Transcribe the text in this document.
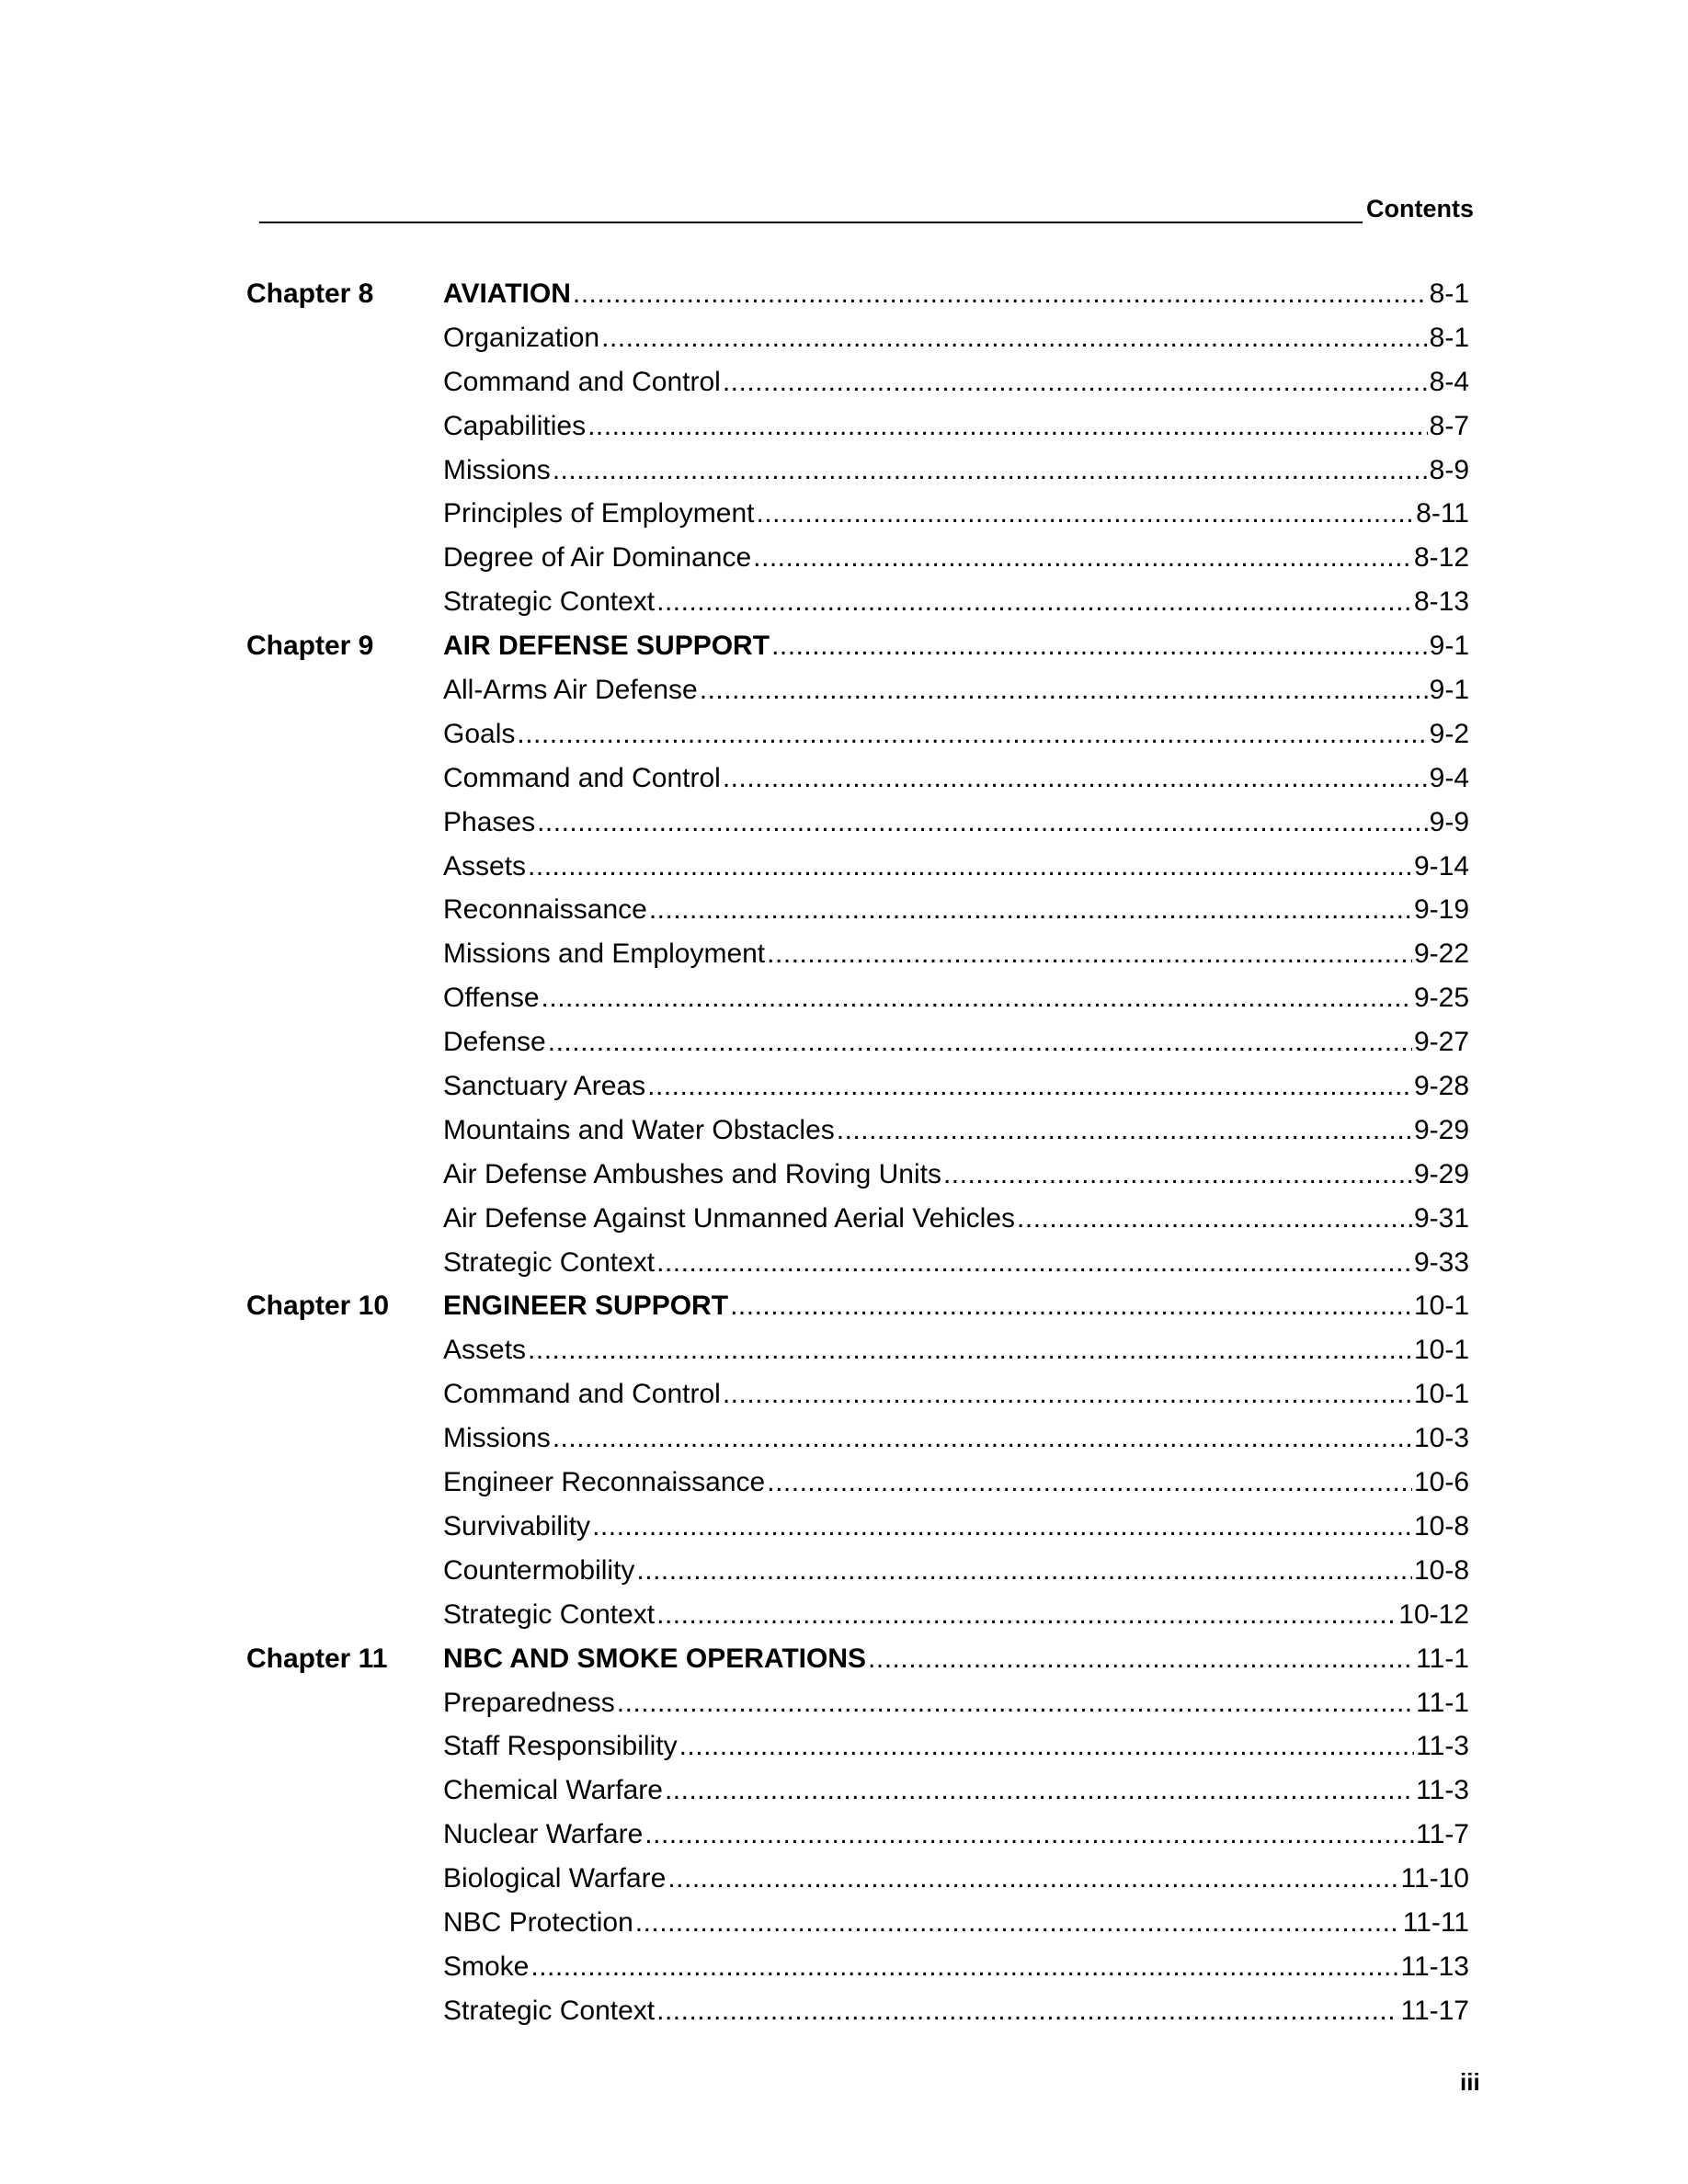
Contents
Chapter 8	AVIATION .....	8-1
Organization .....	8-1
Command and Control .....	8-4
Capabilities .....	8-7
Missions .....	8-9
Principles of Employment .....	8-11
Degree of Air Dominance .....	8-12
Strategic Context .....	8-13
Chapter 9	AIR DEFENSE SUPPORT .....	9-1
All-Arms Air Defense .....	9-1
Goals .....	9-2
Command and Control .....	9-4
Phases .....	9-9
Assets .....	9-14
Reconnaissance .....	9-19
Missions and Employment .....	9-22
Offense .....	9-25
Defense .....	9-27
Sanctuary Areas .....	9-28
Mountains and Water Obstacles .....	9-29
Air Defense Ambushes and Roving Units .....	9-29
Air Defense Against Unmanned Aerial Vehicles .....	9-31
Strategic Context .....	9-33
Chapter 10 ENGINEER SUPPORT .....	10-1
Assets .....	10-1
Command and Control .....	10-1
Missions .....	10-3
Engineer Reconnaissance .....	10-6
Survivability .....	10-8
Countermobility .....	10-8
Strategic Context .....	10-12
Chapter 11 NBC AND SMOKE OPERATIONS .....	11-1
Preparedness .....	11-1
Staff Responsibility .....	11-3
Chemical Warfare .....	11-3
Nuclear Warfare .....	11-7
Biological Warfare .....	11-10
NBC Protection .....	11-11
Smoke .....	11-13
Strategic Context .....	11-17
iii
